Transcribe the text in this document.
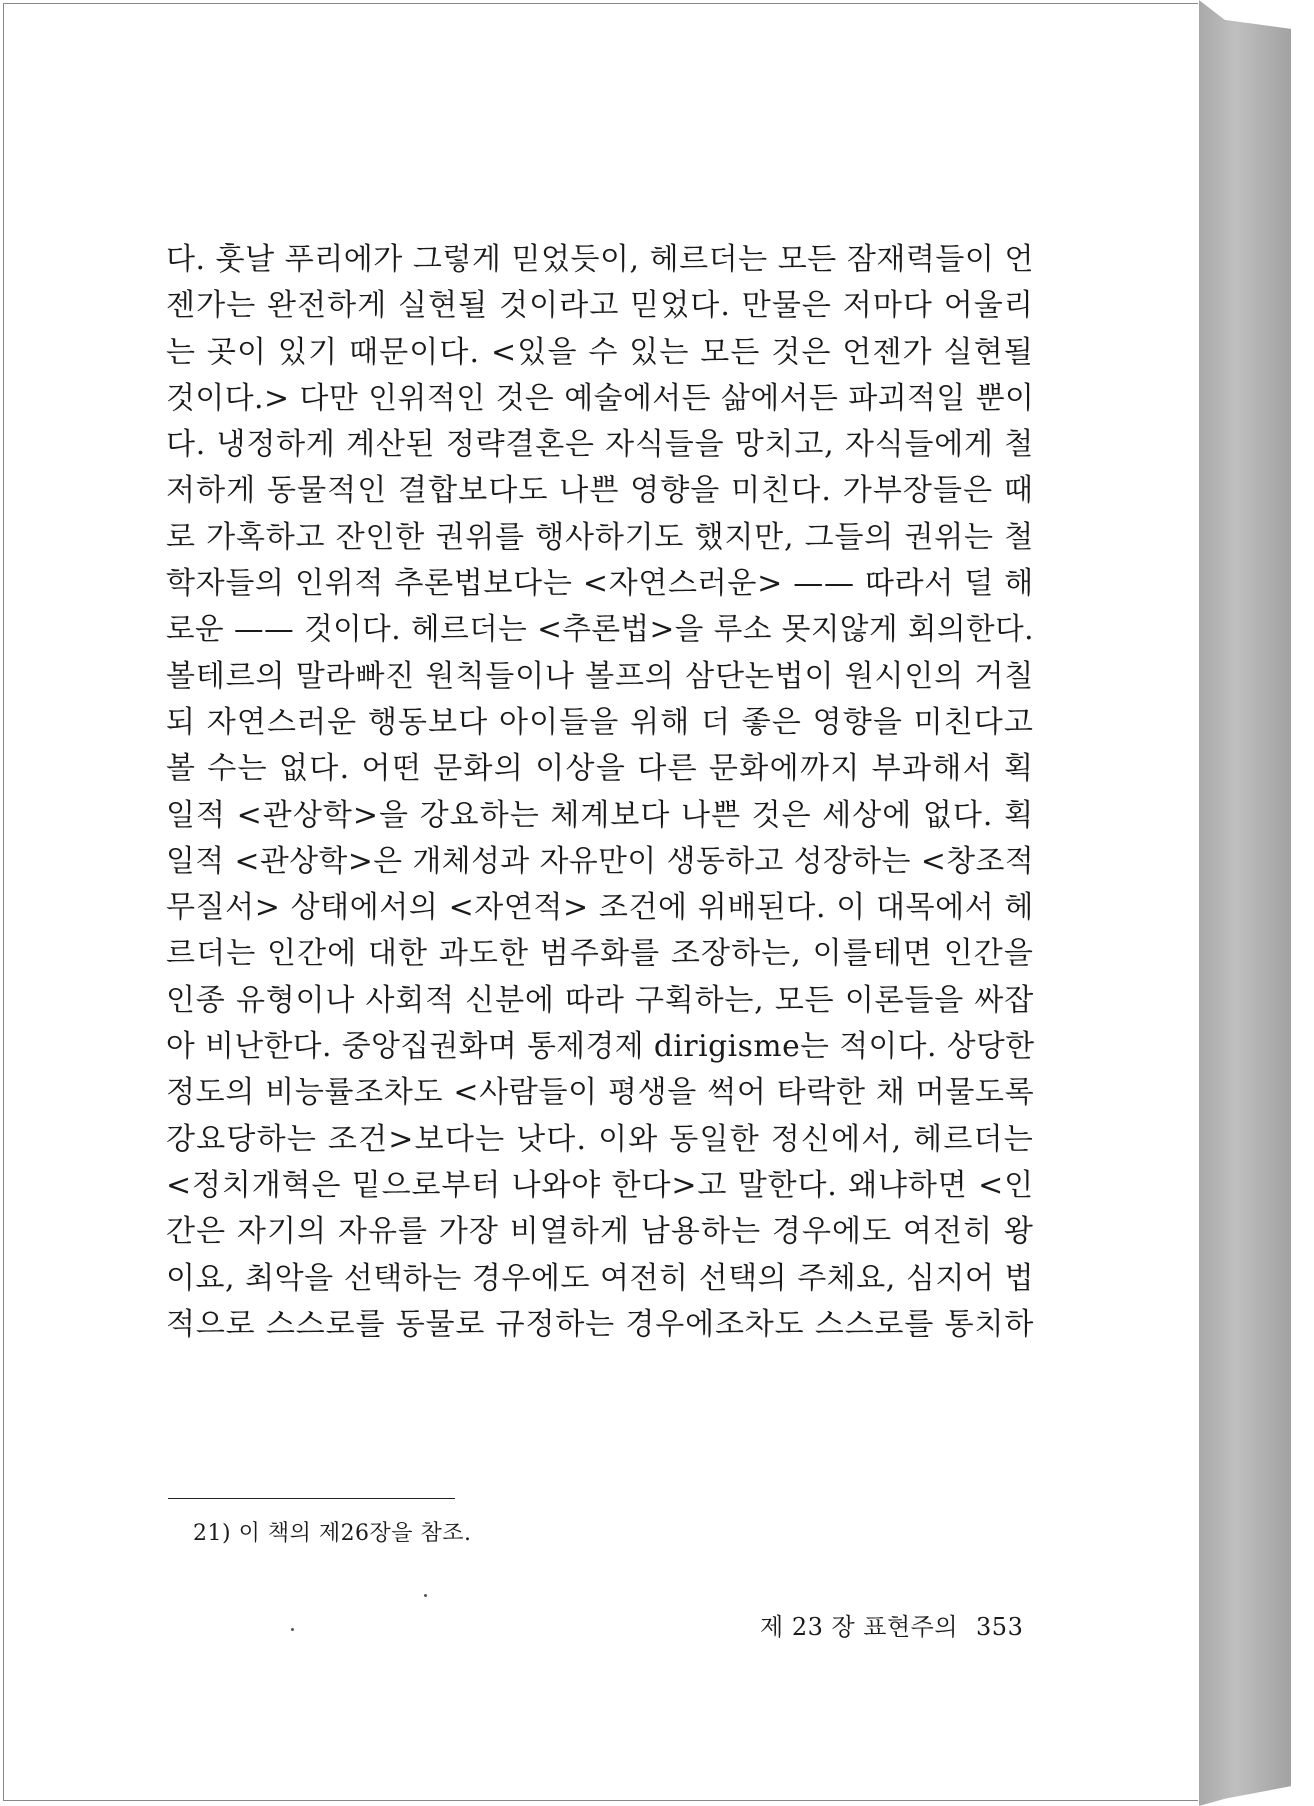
다. 훗날 푸리에가 그렇게 믿었듯이, 헤르더는 모든 잠재력들이 언
젠가는 완전하게 실현될 것이라고 믿었다. 만물은 저마다 어울리
는 곳이 있기 때문이다. <있을 수 있는 모든 것은 언젠가 실현될
것이다.> 다만 인위적인 것은 예술에서든 삶에서든 파괴적일 뿐이
다. 냉정하게 계산된 정략결혼은 자식들을 망치고, 자식들에게 철
저하게 동물적인 결합보다도 나쁜 영향을 미친다. 가부장들은 때
로 가혹하고 잔인한 권위를 행사하기도 했지만, 그들의 권위는 철
학자들의 인위적 추론법보다는 <자연스러운> —— 따라서 덜 해
로운 —— 것이다. 헤르더는 <추론법>을 루소 못지않게 회의한다.
볼테르의 말라빠진 원칙들이나 볼프의 삼단논법이 원시인의 거칠
되 자연스러운 행동보다 아이들을 위해 더 좋은 영향을 미친다고
볼 수는 없다. 어떤 문화의 이상을 다른 문화에까지 부과해서 획
일적 <관상학>을 강요하는 체계보다 나쁜 것은 세상에 없다. 획
일적 <관상학>은 개체성과 자유만이 생동하고 성장하는 <창조적
무질서> 상태에서의 <자연적> 조건에 위배된다. 이 대목에서 헤
르더는 인간에 대한 과도한 범주화를 조장하는, 이를테면 인간을
인종 유형이나 사회적 신분에 따라 구획하는, 모든 이론들을 싸잡
아 비난한다. 중앙집권화며 통제경제 dirigisme는 적이다. 상당한
정도의 비능률조차도 <사람들이 평생을 썩어 타락한 채 머물도록
강요당하는 조건>보다는 낫다. 이와 동일한 정신에서, 헤르더는
<정치개혁은 밑으로부터 나와야 한다>고 말한다. 왜냐하면 <인
간은 자기의 자유를 가장 비열하게 남용하는 경우에도 여전히 왕
이요, 최악을 선택하는 경우에도 여전히 선택의 주체요, 심지어 법
적으로 스스로를 동물로 규정하는 경우에조차도 스스로를 통치하
21) 이 책의 제26장을 참조.
제 23 장 표현주의 353
